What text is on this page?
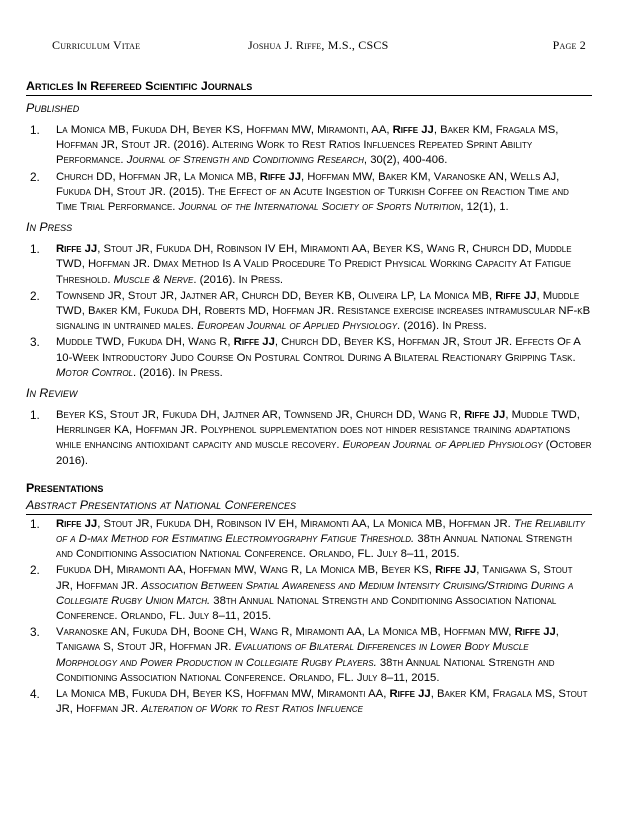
Curriculum Vitae	Joshua J. Riffe, M.S., CSCS	Page 2
Articles In Refereed Scientific Journals
Published
1. La Monica MB, Fukuda DH, Beyer KS, Hoffman MW, Miramonti, AA, Riffe JJ, Baker KM, Fragala MS, Hoffman JR, Stout JR. (2016). Altering Work to Rest Ratios Influences Repeated Sprint Ability Performance. Journal of Strength and Conditioning Research, 30(2), 400-406.
2. Church DD, Hoffman JR, La Monica MB, Riffe JJ, Hoffman MW, Baker KM, Varanoske AN, Wells AJ, Fukuda DH, Stout JR. (2015). The Effect of an Acute Ingestion of Turkish Coffee on Reaction Time and Time Trial Performance. Journal of the International Society of Sports Nutrition, 12(1), 1.
In Press
1. Riffe JJ, Stout JR, Fukuda DH, Robinson IV EH, Miramonti AA, Beyer KS, Wang R, Church DD, Muddle TWD, Hoffman JR. Dmax Method Is A Valid Procedure To Predict Physical Working Capacity At Fatigue Threshold. Muscle & Nerve. (2016). In Press.
2. Townsend JR, Stout JR, Jajtner AR, Church DD, Beyer KB, Oliveira LP, La Monica MB, Riffe JJ, Muddle TWD, Baker KM, Fukuda DH, Roberts MD, Hoffman JR. Resistance exercise increases intramuscular NF-κB signaling in untrained males. European Journal of Applied Physiology. (2016). In Press.
3. Muddle TWD, Fukuda DH, Wang R, Riffe JJ, Church DD, Beyer KS, Hoffman JR, Stout JR. Effects Of A 10-Week Introductory Judo Course On Postural Control During A Bilateral Reactionary Gripping Task. Motor Control. (2016). In Press.
In Review
1. Beyer KS, Stout JR, Fukuda DH, Jajtner AR, Townsend JR, Church DD, Wang R, Riffe JJ, Muddle TWD, Herrlinger KA, Hoffman JR. Polyphenol supplementation does not hinder resistance training adaptations while enhancing antioxidant capacity and muscle recovery. European Journal of Applied Physiology (October 2016).
Presentations
Abstract Presentations at National Conferences
1. Riffe JJ, Stout JR, Fukuda DH, Robinson IV EH, Miramonti AA, La Monica MB, Hoffman JR. The Reliability of a D-max Method for Estimating Electromyography Fatigue Threshold. 38th Annual National Strength and Conditioning Association National Conference. Orlando, FL. July 8–11, 2015.
2. Fukuda DH, Miramonti AA, Hoffman MW, Wang R, La Monica MB, Beyer KS, Riffe JJ, Tanigawa S, Stout JR, Hoffman JR. Association Between Spatial Awareness and Medium Intensity Cruising/Striding During a Collegiate Rugby Union Match. 38th Annual National Strength and Conditioning Association National Conference. Orlando, FL. July 8–11, 2015.
3. Varanoske AN, Fukuda DH, Boone CH, Wang R, Miramonti AA, La Monica MB, Hoffman MW, Riffe JJ, Tanigawa S, Stout JR, Hoffman JR. Evaluations of Bilateral Differences in Lower Body Muscle Morphology and Power Production in Collegiate Rugby Players. 38th Annual National Strength and Conditioning Association National Conference. Orlando, FL. July 8–11, 2015.
4. La Monica MB, Fukuda DH, Beyer KS, Hoffman MW, Miramonti AA, Riffe JJ, Baker KM, Fragala MS, Stout JR, Hoffman JR. Alteration of Work to Rest Ratios Influence
